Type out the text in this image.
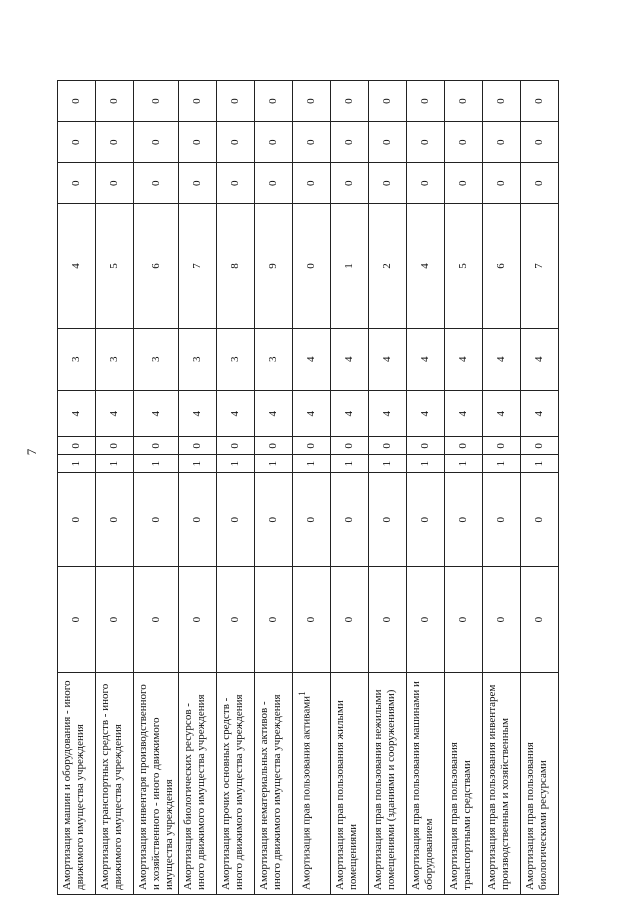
7
Амортизация машин и оборудования - иного движимого имущества учреждения	0	0	1	0	4	3	4	0	0	0
Амортизация транспортных средств - иного движимого имущества учреждения	0	0	1	0	4	3	5	0	0	0
Амортизация инвентаря производственного и хозяйственного - иного движимого имущества учреждения	0	0	1	0	4	3	6	0	0	0
Амортизация биологических ресурсов - иного движимого имущества учреждения	0	0	1	0	4	3	7	0	0	0
Амортизация прочих основных средств - иного движимого имущества учреждения	0	0	1	0	4	3	8	0	0	0
Амортизация нематериальных активов - иного движимого имущества учреждения	0	0	1	0	4	3	9	0	0	0
Амортизация прав пользования активами$^1$	0	0	1	0	4	4	0	0	0	0
Амортизация прав пользования жилыми помещениями	0	0	1	0	4	4	1	0	0	0
Амортизация прав пользования нежилыми помещениями (зданиями и сооружениями)	0	0	1	0	4	4	2	0	0	0
Амортизация прав пользования машинами и оборудованием	0	0	1	0	4	4	4	0	0	0
Амортизация прав пользования транспортными средствами	0	0	1	0	4	4	5	0	0	0
Амортизация прав пользования инвентарем производственным и хозяйственным	0	0	1	0	4	4	6	0	0	0
Амортизация прав пользования биологическими ресурсами	0	0	1	0	4	4	7	0	0	0
